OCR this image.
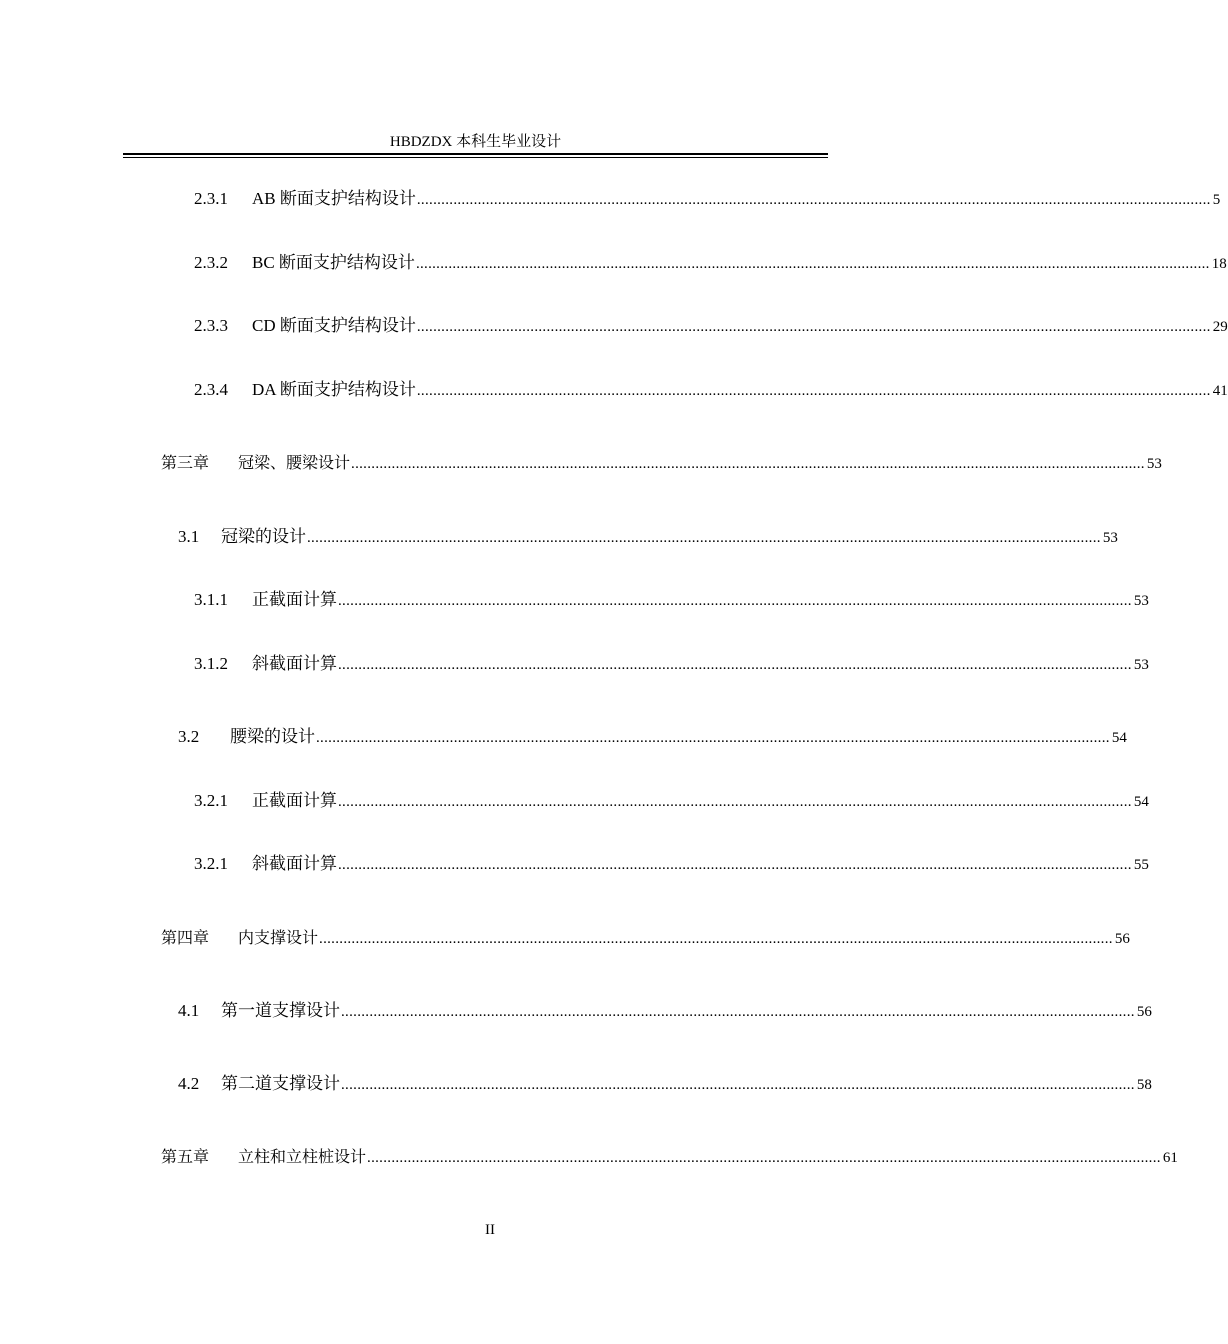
HBDZDX 本科生毕业设计
2.3.1	AB 断面支护结构设计 .................................................................................................................................................................................................... 5
2.3.2	BC 断面支护结构设计 .................................................................................................................................................................................................... 18
2.3.3	CD 断面支护结构设计 .................................................................................................................................................................................................... 29
2.3.4	DA 断面支护结构设计 .................................................................................................................................................................................................... 41
第三章	冠梁、腰梁设计 .................................................................................................................................................................................................... 53
3.1	冠梁的设计 .................................................................................................................................................................................................... 53
3.1.1	正截面计算 .................................................................................................................................................................................................... 53
3.1.2	斜截面计算 .................................................................................................................................................................................................... 53
3.2	腰梁的设计 .................................................................................................................................................................................................... 54
3.2.1	正截面计算 .................................................................................................................................................................................................... 54
3.2.1	斜截面计算 .................................................................................................................................................................................................... 55
第四章	内支撑设计 .................................................................................................................................................................................................... 56
4.1	第一道支撑设计 .................................................................................................................................................................................................... 56
4.2	第二道支撑设计 .................................................................................................................................................................................................... 58
第五章	立柱和立柱桩设计 .................................................................................................................................................................................................... 61
II
